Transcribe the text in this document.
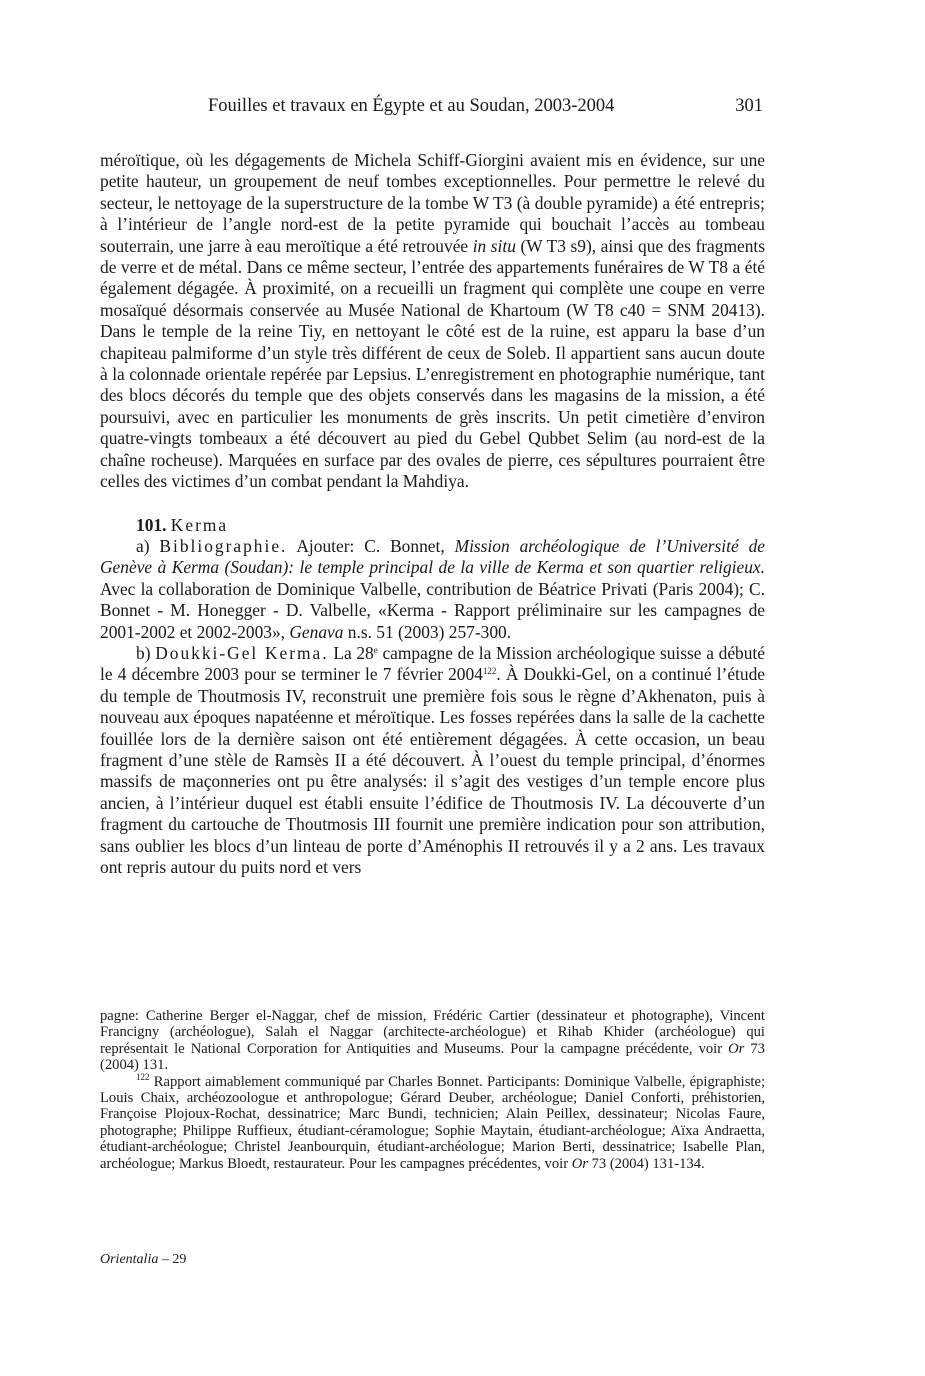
Fouilles et travaux en Égypte et au Soudan, 2003-2004	301

méroïtique, où les dégagements de Michela Schiff-Giorgini avaient mis en évidence, sur une petite hauteur, un groupement de neuf tombes exceptionnelles. Pour permettre le relevé du secteur, le nettoyage de la superstructure de la tombe W T3 (à double pyramide) a été entrepris; à l’intérieur de l’angle nord-est de la petite pyramide qui bouchait l’accès au tombeau souterrain, une jarre à eau meroïtique a été retrouvée in situ (W T3 s9), ainsi que des fragments de verre et de métal. Dans ce même secteur, l’entrée des appartements funéraires de W T8 a été également dégagée. À proximité, on a recueilli un fragment qui complète une coupe en verre mosaïqué désormais conservée au Musée National de Khartoum (W T8 c40 = SNM 20413). Dans le temple de la reine Tiy, en nettoyant le côté est de la ruine, est apparu la base d’un chapiteau palmiforme d’un style très différent de ceux de Soleb. Il appartient sans aucun doute à la colonnade orientale repérée par Lepsius. L’enregistrement en photographie numérique, tant des blocs décorés du temple que des objets conservés dans les magasins de la mission, a été poursuivi, avec en particulier les monuments de grès inscrits. Un petit cimetière d’environ quatre-vingts tombeaux a été découvert au pied du Gebel Qubbet Selim (au nord-est de la chaîne rocheuse). Marquées en surface par des ovales de pierre, ces sépultures pourraient être celles des victimes d’un combat pendant la Mahdiya.

101. Kerma

a) Bibliographie. Ajouter: C. Bonnet, Mission archéologique de l’Université de Genève à Kerma (Soudan): le temple principal de la ville de Kerma et son quartier religieux. Avec la collaboration de Dominique Valbelle, contribution de Béatrice Privati (Paris 2004); C. Bonnet - M. Honegger - D. Valbelle, «Kerma - Rapport préliminaire sur les campagnes de 2001-2002 et 2002-2003», Genava n.s. 51 (2003) 257-300.

b) Doukki-Gel Kerma. La 28e campagne de la Mission archéologique suisse a débuté le 4 décembre 2003 pour se terminer le 7 février 2004$^{122}$. À Doukki-Gel, on a continué l’étude du temple de Thoutmosis IV, reconstruit une première fois sous le règne d’Akhenaton, puis à nouveau aux époques napatéenne et méroïtique. Les fosses repérées dans la salle de la cachette fouillée lors de la dernière saison ont été entièrement dégagées. À cette occasion, un beau fragment d’une stèle de Ramsès II a été découvert. À l’ouest du temple principal, d’énormes massifs de maçonneries ont pu être analysés: il s’agit des vestiges d’un temple encore plus ancien, à l’intérieur duquel est établi ensuite l’édifice de Thoutmosis IV. La découverte d’un fragment du cartouche de Thoutmosis III fournit une première indication pour son attribution, sans oublier les blocs d’un linteau de porte d’Aménophis II retrouvés il y a 2 ans. Les travaux ont repris autour du puits nord et vers

pagne: Catherine Berger el-Naggar, chef de mission, Frédéric Cartier (dessinateur et photographe), Vincent Francigny (archéologue), Salah el Naggar (architecte-archéologue) et Rihab Khider (archéologue) qui représentait le National Corporation for Antiquities and Museums. Pour la campagne précédente, voir Or 73 (2004) 131.

$^{122}$ Rapport aimablement communiqué par Charles Bonnet. Participants: Dominique Valbelle, épigraphiste; Louis Chaix, archéozoologue et anthropologue; Gérard Deuber, archéologue; Daniel Conforti, préhistorien, Françoise Plojoux-Rochat, dessinatrice; Marc Bundi, technicien; Alain Peillex, dessinateur; Nicolas Faure, photographe; Philippe Ruffieux, étudiant-céramologue; Sophie Maytain, étudiant-archéologue; Aïxa Andraetta, étudiant-archéologue; Christel Jeanbourquin, étudiant-archéologue; Marion Berti, dessinatrice; Isabelle Plan, archéologue; Markus Bloedt, restaurateur. Pour les campagnes précédentes, voir Or 73 (2004) 131-134.

Orientalia – 29
